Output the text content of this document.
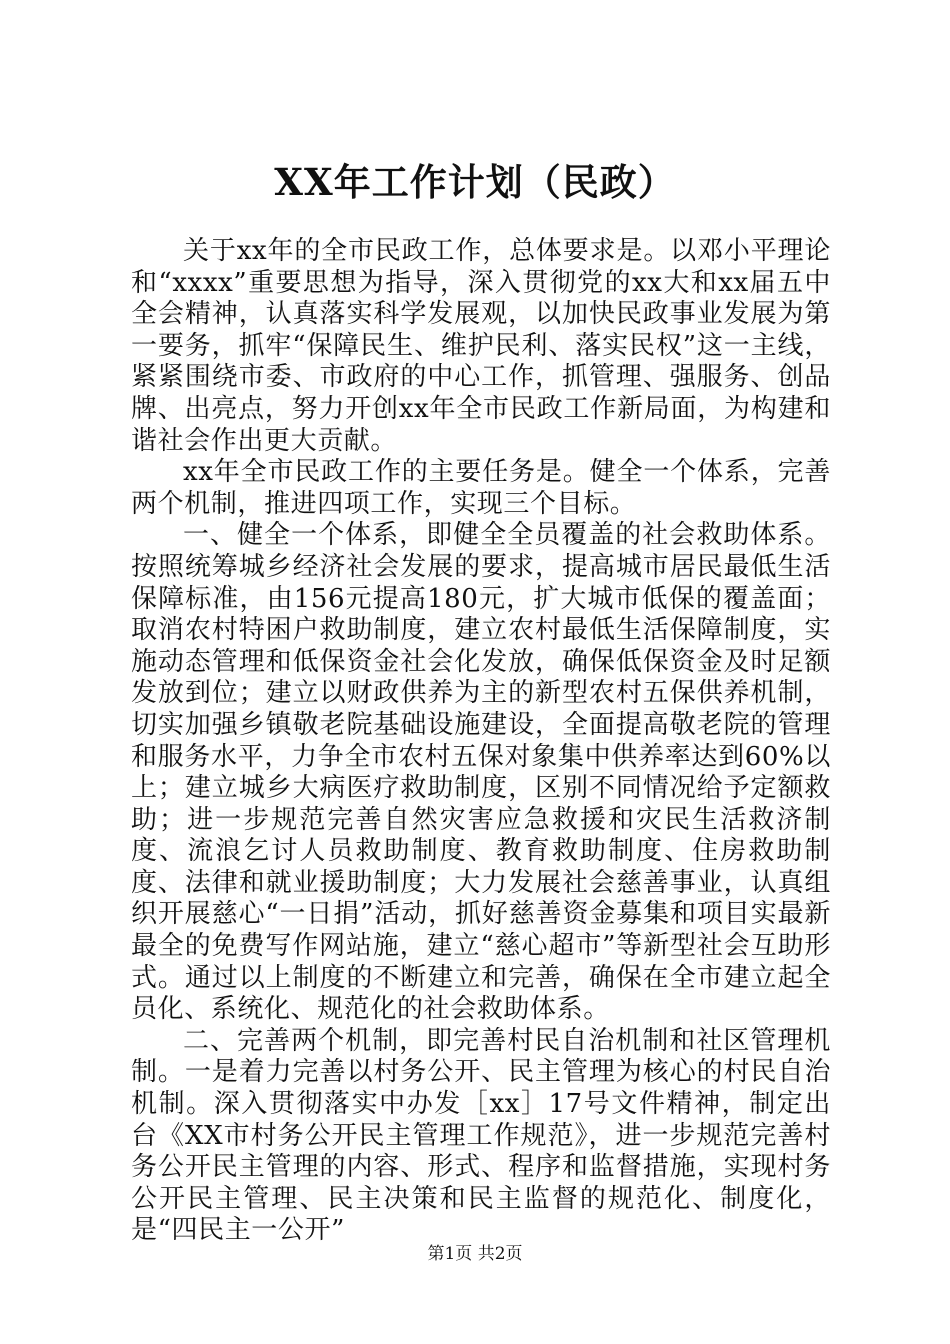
XX年工作计划（民政）

关于xx年的全市民政工作，总体要求是。以邓小平理论和“xxxx”重要思想为指导，深入贯彻党的xx大和xx届五中全会精神，认真落实科学发展观，以加快民政事业发展为第一要务，抓牢“保障民生、维护民利、落实民权”这一主线，紧紧围绕市委、市政府的中心工作，抓管理、强服务、创品牌、出亮点，努力开创xx年全市民政工作新局面，为构建和谐社会作出更大贡献。

xx年全市民政工作的主要任务是。健全一个体系，完善两个机制，推进四项工作，实现三个目标。

一、健全一个体系，即健全全员覆盖的社会救助体系。按照统筹城乡经济社会发展的要求，提高城市居民最低生活保障标准，由156元提高180元，扩大城市低保的覆盖面；取消农村特困户救助制度，建立农村最低生活保障制度，实施动态管理和低保资金社会化发放，确保低保资金及时足额发放到位；建立以财政供养为主的新型农村五保供养机制，切实加强乡镇敬老院基础设施建设，全面提高敬老院的管理和服务水平，力争全市农村五保对象集中供养率达到60%以上；建立城乡大病医疗救助制度，区别不同情况给予定额救助；进一步规范完善自然灾害应急救援和灾民生活救济制度、流浪乞讨人员救助制度、教育救助制度、住房救助制度、法律和就业援助制度；大力发展社会慈善事业，认真组织开展慈心“一日捐”活动，抓好慈善资金募集和项目实最新最全的免费写作网站施，建立“慈心超市”等新型社会互助形式。通过以上制度的不断建立和完善，确保在全市建立起全员化、系统化、规范化的社会救助体系。

二、完善两个机制，即完善村民自治机制和社区管理机制。一是着力完善以村务公开、民主管理为核心的村民自治机制。深入贯彻落实中办发［xx］17号文件精神，制定出台《XX市村务公开民主管理工作规范》，进一步规范完善村务公开民主管理的内容、形式、程序和监督措施，实现村务公开民主管理、民主决策和民主监督的规范化、制度化，是“四民主一公开”

第1页 共2页
